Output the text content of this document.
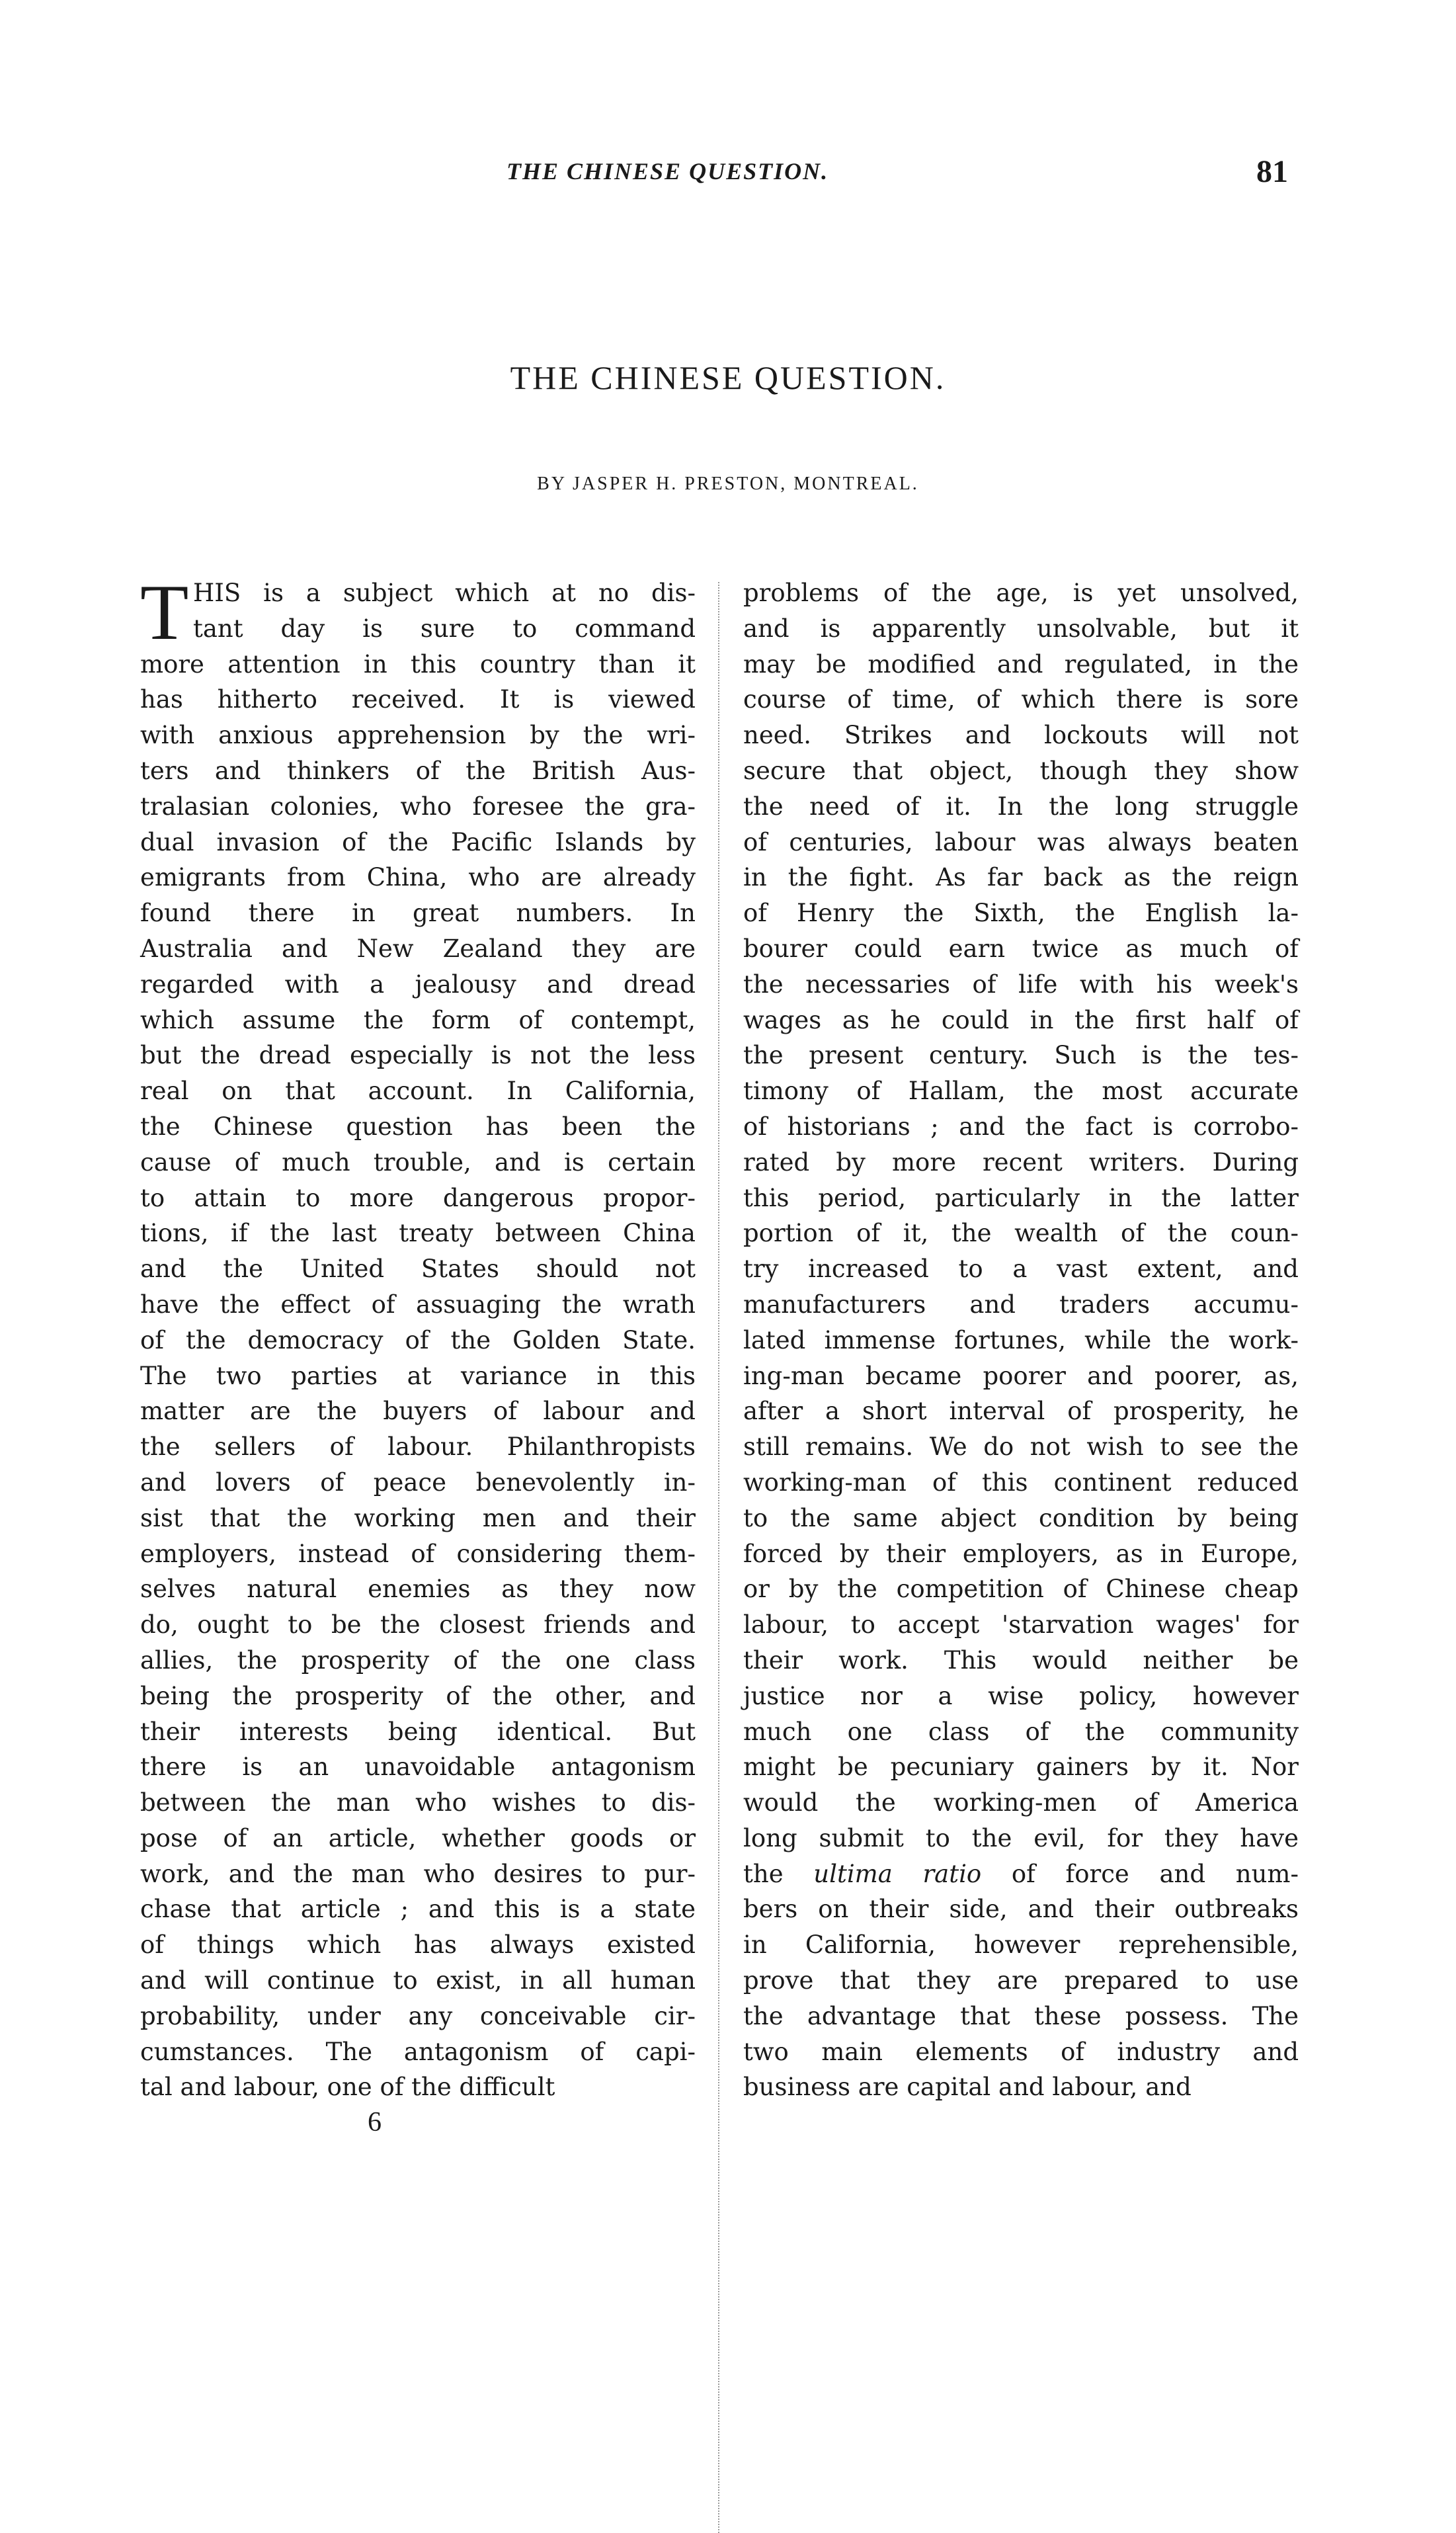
THE CHINESE QUESTION.	81
THE CHINESE QUESTION.
BY JASPER H. PRESTON, MONTREAL.
T HIS is a subject which at no dis-
tant day is sure to command
more attention in this country than it
has hitherto received. It is viewed
with anxious apprehension by the wri-
ters and thinkers of the British Aus-
tralasian colonies, who foresee the gra-
dual invasion of the Pacific Islands by
emigrants from China, who are already
found there in great numbers. In
Australia and New Zealand they are
regarded with a jealousy and dread
which assume the form of contempt,
but the dread especially is not the less
real on that account. In California,
the Chinese question has been the
cause of much trouble, and is certain
to attain to more dangerous propor-
tions, if the last treaty between China
and the United States should not
have the effect of assuaging the wrath
of the democracy of the Golden State.
The two parties at variance in this
matter are the buyers of labour and
the sellers of labour. Philanthropists
and lovers of peace benevolently in-
sist that the working men and their
employers, instead of considering them-
selves natural enemies as they now
do, ought to be the closest friends and
allies, the prosperity of the one class
being the prosperity of the other, and
their interests being identical. But
there is an unavoidable antagonism
between the man who wishes to dis-
pose of an article, whether goods or
work, and the man who desires to pur-
chase that article ; and this is a state
of things which has always existed
and will continue to exist, in all human
probability, under any conceivable cir-
cumstances. The antagonism of capi-
tal and labour, one of the difficult
problems of the age, is yet unsolved,
and is apparently unsolvable, but it
may be modified and regulated, in the
course of time, of which there is sore
need. Strikes and lockouts will not
secure that object, though they show
the need of it. In the long struggle
of centuries, labour was always beaten
in the fight. As far back as the reign
of Henry the Sixth, the English la-
bourer could earn twice as much of
the necessaries of life with his week's
wages as he could in the first half of
the present century. Such is the tes-
timony of Hallam, the most accurate
of historians ; and the fact is corrobo-
rated by more recent writers. During
this period, particularly in the latter
portion of it, the wealth of the coun-
try increased to a vast extent, and
manufacturers and traders accumu-
lated immense fortunes, while the work-
ing-man became poorer and poorer, as,
after a short interval of prosperity, he
still remains. We do not wish to see the
working-man of this continent reduced
to the same abject condition by being
forced by their employers, as in Europe,
or by the competition of Chinese cheap
labour, to accept 'starvation wages' for
their work. This would neither be
justice nor a wise policy, however
much one class of the community
might be pecuniary gainers by it. Nor
would the working-men of America
long submit to the evil, for they have
the ultima ratio of force and num-
bers on their side, and their outbreaks
in California, however reprehensible,
prove that they are prepared to use
the advantage that these possess. The
two main elements of industry and
business are capital and labour, and
6
